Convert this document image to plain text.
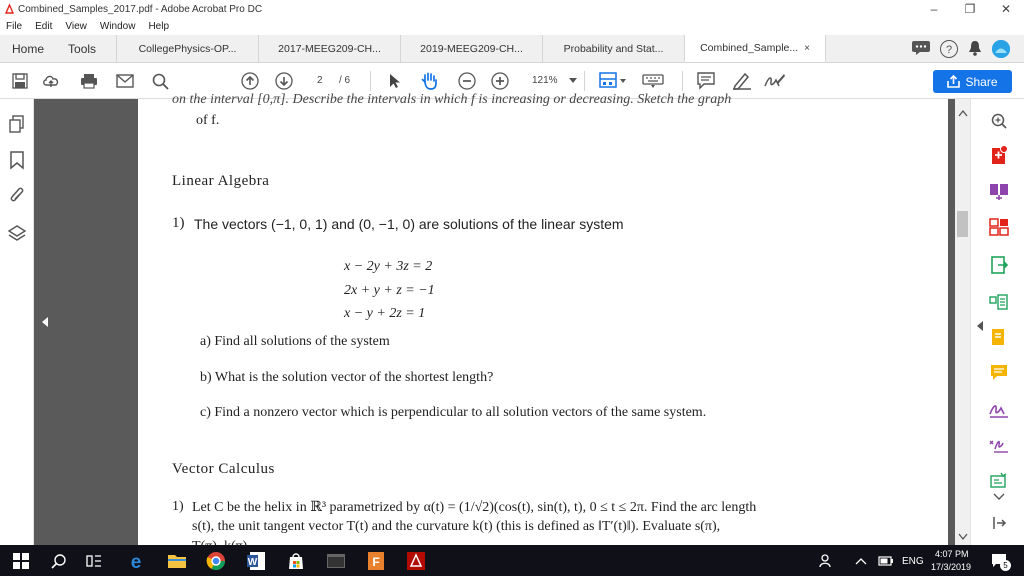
Combined_Samples_2017.pdf - Adobe Acrobat Pro DC	–	❐	✕
File Edit View Window Help
Home	Tools	CollegePhysics-OP...	2017-MEEG209-CH...	2019-MEEG209-CH...	Probability and Stat...	Combined_Sample... ×	?
2 / 6	121%	Share
on the interval [0,π]. Describe the intervals in which f is increasing or decreasing. Sketch the graph
of f.
Linear Algebra
1) The vectors (−1, 0, 1) and (0, −1, 0) are solutions of the linear system
x − 2y + 3z = 2
2x + y + z = −1
x − y + 2z = 1
a) Find all solutions of the system
b) What is the solution vector of the shortest length?
c) Find a nonzero vector which is perpendicular to all solution vectors of the same system.
Vector Calculus
1) Let C be the helix in ℝ³ parametrized by α(t) = (1/√2)(cos(t), sin(t), t), 0 ≤ t ≤ 2π. Find the arc length
s(t), the unit tangent vector T(t) and the curvature k(t) (this is defined as ‖T′(t)‖). Evaluate s(π),
e	W	F	ENG
4:07 PM
17/3/2019	5
